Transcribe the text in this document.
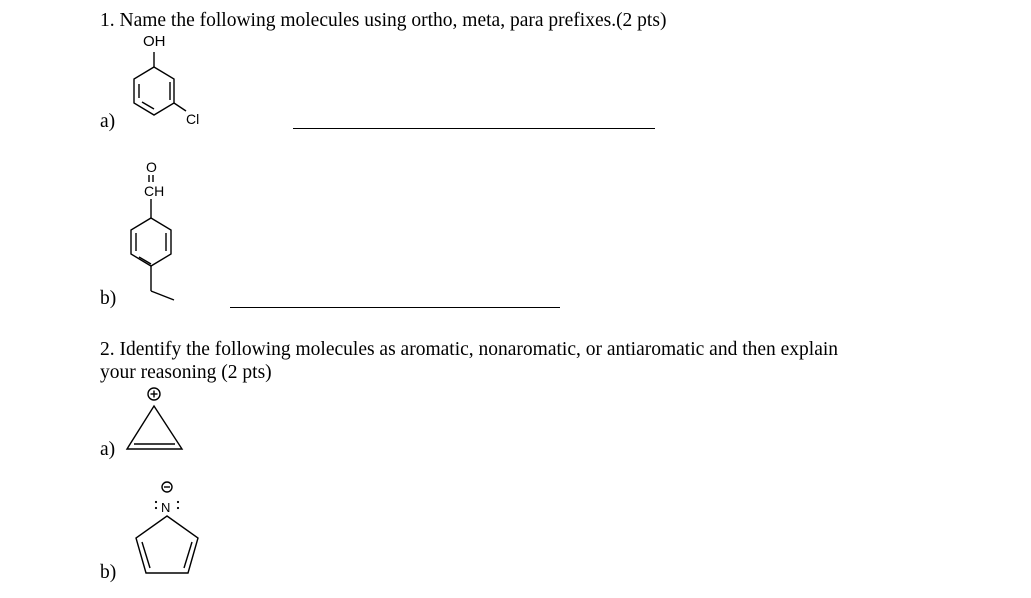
1. Name the following molecules using ortho, meta, para prefixes.(2 pts)
OH
Cl
a)
O
CH
b)
2. Identify the following molecules as aromatic, nonaromatic, or antiaromatic and then explain
your reasoning (2 pts)
a)
N
b)
